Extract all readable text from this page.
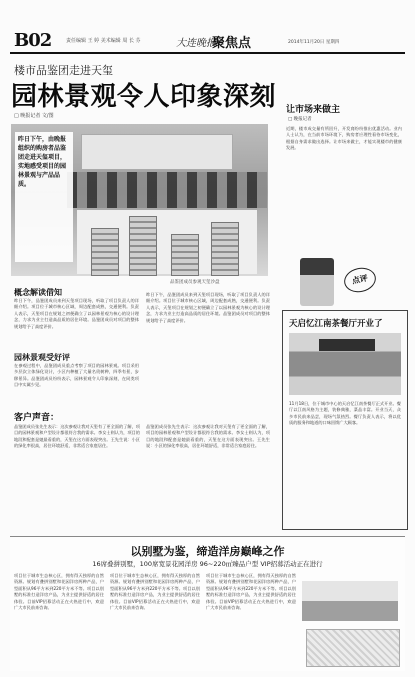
B02	责任编辑 王 婷 美术编辑 周 长 芬	大连晚报
聚焦点	2014年11月20日 星期四
楼市品鉴团走进天玺
园林景观令人印象深刻
□ 晚报记者 文/图
昨日下午，由晚报组织的购房者品鉴团走进天玺项目，实地感受项目的园林景观与产品品质。
品鉴团成员参观天玺沙盘
概念解读借知
昨日下午，品鉴团成员来到天玺项目现场，听取了项目负责人的详细介绍。项目位于城市核心区域，周边配套成熟，交通便利。负责人表示，天玺项目在规划之初便确立了以园林景观为核心的设计理念，力求为业主打造高品质的居住环境。品鉴团成员对项目的整体规划给予了高度评价。
园林景观受好评
在参观过程中，品鉴团成员重点考察了项目的园林景观。项目采用多层次立体绿化设计，小区内种植了大量名贵树种，四季有景，步移景异。品鉴团成员纷纷表示，园林景观令人印象深刻，在同类项目中实属少见。
昨日下午，品鉴团成员来到天玺项目现场，听取了项目负责人的详细介绍。项目位于城市核心区域，周边配套成熟，交通便利。负责人表示，天玺项目在规划之初便确立了以园林景观为核心的设计理念，力求为业主打造高品质的居住环境。品鉴团成员对项目的整体规划给予了高度评价。
客户声音：
品鉴团成员张先生表示：这次参观让我对天玺有了更全面的了解，项目的园林景观和户型设计都很符合我的需求。李女士则认为，项目的地段和配套是她最看重的，天玺在这方面表现突出。王先生说：小区的绿化率很高，居住环境舒适，非常适合家庭居住。
品鉴团成员张先生表示：这次参观让我对天玺有了更全面的了解，项目的园林景观和户型设计都很符合我的需求。李女士则认为，项目的地段和配套是她最看重的，天玺在这方面表现突出。王先生说：小区的绿化率很高，居住环境舒适，非常适合家庭居住。
让市场来做主
□ 晚报记者
近期，楼市成交量有所回升，开发商纷纷推出优惠活动。业内人士认为，在当前市场环境下，购房者应理性看待市场变化，根据自身需求做出选择。让市场来做主，才能实现楼市的健康发展。
点评
天启忆江南茶餐厅开业了
11月18日，位于城市中心的天启忆江南茶餐厅正式开业。餐厅以江南风格为主题，装修典雅，菜品丰富。开业当天，众多市民前来品尝，现场气氛热烈。餐厅负责人表示，将以优质的服务和地道的口味回馈广大顾客。
以别墅为鉴，缔造洋房巅峰之作
16席叠拼别墅，100席宽景花园洋房 96~220㎡臻品户型 VIP招募活动正在进行
项目位于城市生态核心区，拥有得天独厚的自然资源。规划有叠拼别墅和花园洋房两种产品，户型面积从96平方米到220平方米不等。项目以别墅的标准打造洋房产品，为业主提供舒适的居住体验。目前VIP招募活动正在火热进行中，欢迎广大市民前来咨询。
项目位于城市生态核心区，拥有得天独厚的自然资源。规划有叠拼别墅和花园洋房两种产品，户型面积从96平方米到220平方米不等。项目以别墅的标准打造洋房产品，为业主提供舒适的居住体验。目前VIP招募活动正在火热进行中，欢迎广大市民前来咨询。
项目位于城市生态核心区，拥有得天独厚的自然资源。规划有叠拼别墅和花园洋房两种产品，户型面积从96平方米到220平方米不等。项目以别墅的标准打造洋房产品，为业主提供舒适的居住体验。目前VIP招募活动正在火热进行中，欢迎广大市民前来咨询。
